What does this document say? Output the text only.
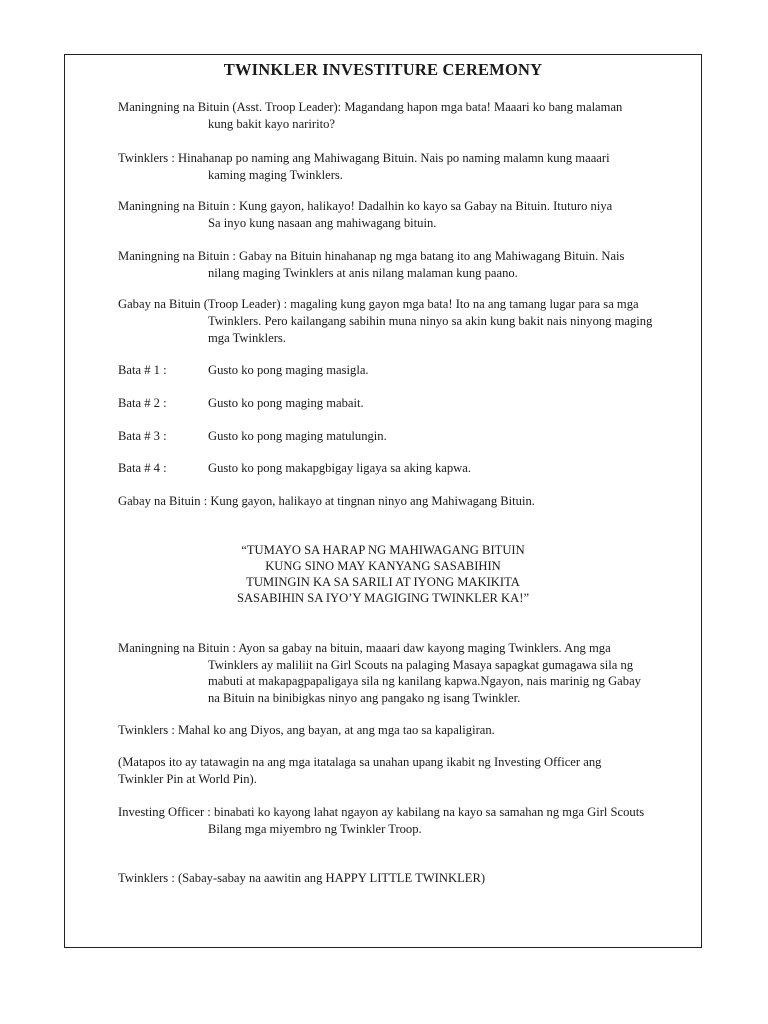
TWINKLER INVESTITURE CEREMONY
Maningning na Bituin (Asst. Troop Leader): Magandang hapon mga bata! Maaari ko bang malaman
kung bakit kayo naririto?
Twinklers : Hinahanap po naming ang Mahiwagang Bituin. Nais po naming malamn kung maaari
kaming maging Twinklers.
Maningning na Bituin : Kung gayon, halikayo! Dadalhin ko kayo sa Gabay na Bituin. Ituturo niya
Sa inyo kung nasaan ang mahiwagang bituin.
Maningning na Bituin : Gabay na Bituin hinahanap ng mga batang ito ang Mahiwagang Bituin. Nais
nilang maging Twinklers at anis nilang malaman kung paano.
Gabay na Bituin (Troop Leader) : magaling kung gayon mga bata! Ito na ang tamang lugar para sa mga
Twinklers. Pero kailangang sabihin muna ninyo sa akin kung bakit nais ninyong maging
mga Twinklers.
Bata # 1 :	Gusto ko pong maging masigla.
Bata # 2 :	Gusto ko pong maging mabait.
Bata # 3 :	Gusto ko pong maging matulungin.
Bata # 4 :	Gusto ko pong makapgbigay ligaya sa aking kapwa.
Gabay na Bituin : Kung gayon, halikayo at tingnan ninyo ang Mahiwagang Bituin.
“TUMAYO SA HARAP NG MAHIWAGANG BITUIN
KUNG SINO MAY KANYANG SASABIHIN
TUMINGIN KA SA SARILI AT IYONG MAKIKITA
SASABIHIN SA IYO’Y MAGIGING TWINKLER KA!”
Maningning na Bituin : Ayon sa gabay na bituin, maaari daw kayong maging Twinklers. Ang mga
Twinklers ay maliliit na Girl Scouts na palaging Masaya sapagkat gumagawa sila ng
mabuti at makapagpapaligaya sila ng kanilang kapwa.Ngayon, nais marinig ng Gabay
na Bituin na binibigkas ninyo ang pangako ng isang Twinkler.
Twinklers : Mahal ko ang Diyos, ang bayan, at ang mga tao sa kapaligiran.
(Matapos ito ay tatawagin na ang mga itatalaga sa unahan upang ikabit ng Investing Officer ang
Twinkler Pin at World Pin).
Investing Officer : binabati ko kayong lahat ngayon ay kabilang na kayo sa samahan ng mga Girl Scouts
Bilang mga miyembro ng Twinkler Troop.
Twinklers : (Sabay-sabay na aawitin ang HAPPY LITTLE TWINKLER)
